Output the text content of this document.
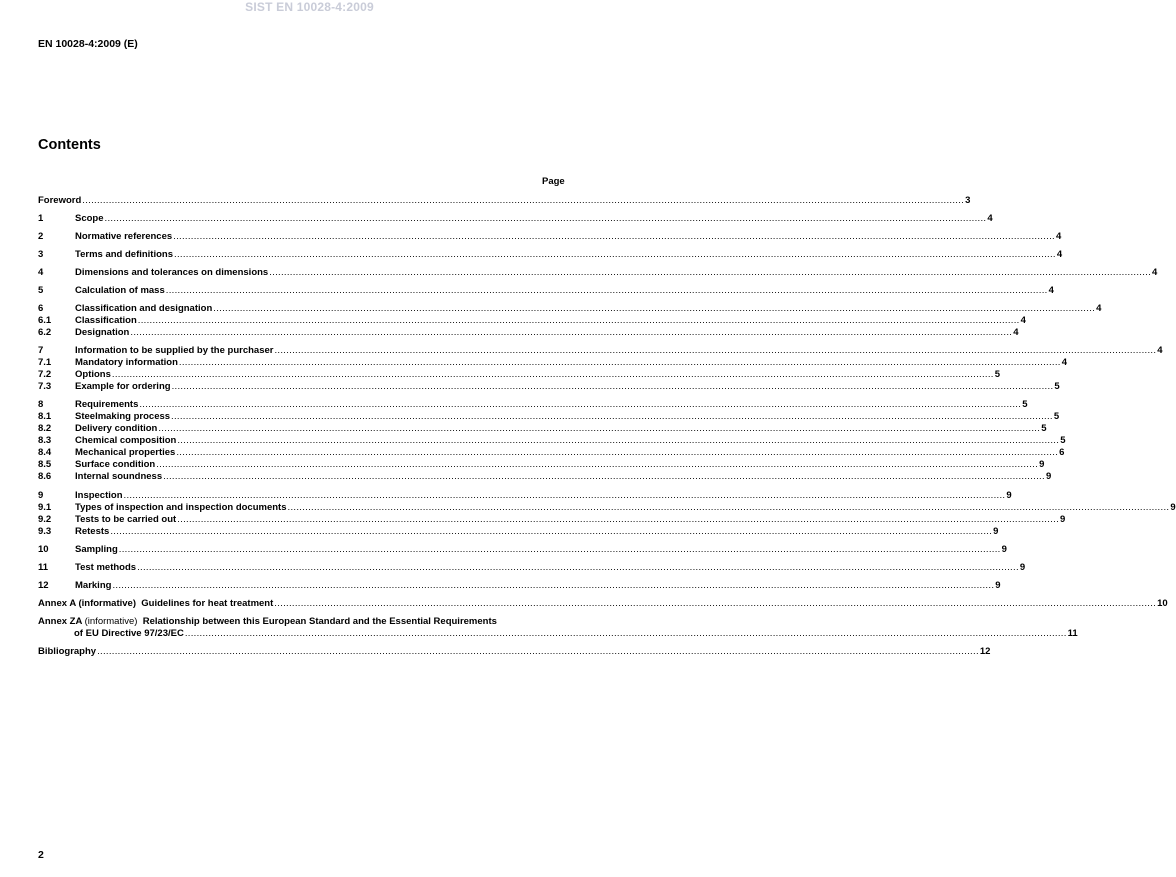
SIST EN 10028-4:2009
EN 10028-4:2009 (E)
Contents
Page
Foreword ............................................................................................................................................................................................................................................................................................................ 3
1	Scope ............................................................................................................................................................................................................................................................................................................ 4
2	Normative references ............................................................................................................................................................................................................................................................................................................ 4
3	Terms and definitions ............................................................................................................................................................................................................................................................................................................ 4
4	Dimensions and tolerances on dimensions ............................................................................................................................................................................................................................................................................................................ 4
5	Calculation of mass ............................................................................................................................................................................................................................................................................................................ 4
6	Classification and designation ............................................................................................................................................................................................................................................................................................................ 4
6.1	Classification ............................................................................................................................................................................................................................................................................................................ 4
6.2	Designation ............................................................................................................................................................................................................................................................................................................ 4
7	Information to be supplied by the purchaser ............................................................................................................................................................................................................................................................................................................ 4
7.1	Mandatory information ............................................................................................................................................................................................................................................................................................................ 4
7.2	Options ............................................................................................................................................................................................................................................................................................................ 5
7.3	Example for ordering ............................................................................................................................................................................................................................................................................................................ 5
8	Requirements ............................................................................................................................................................................................................................................................................................................ 5
8.1	Steelmaking process ............................................................................................................................................................................................................................................................................................................ 5
8.2	Delivery condition ............................................................................................................................................................................................................................................................................................................ 5
8.3	Chemical composition ............................................................................................................................................................................................................................................................................................................ 5
8.4	Mechanical properties ............................................................................................................................................................................................................................................................................................................ 6
8.5	Surface condition ............................................................................................................................................................................................................................................................................................................ 9
8.6	Internal soundness ............................................................................................................................................................................................................................................................................................................ 9
9	Inspection ............................................................................................................................................................................................................................................................................................................ 9
9.1	Types of inspection and inspection documents ............................................................................................................................................................................................................................................................................................................ 9
9.2	Tests to be carried out ............................................................................................................................................................................................................................................................................................................ 9
9.3	Retests ............................................................................................................................................................................................................................................................................................................ 9
10	Sampling ............................................................................................................................................................................................................................................................................................................ 9
11	Test methods ............................................................................................................................................................................................................................................................................................................ 9
12	Marking ............................................................................................................................................................................................................................................................................................................ 9
Annex A (informative) Guidelines for heat treatment ............................................................................................................................................................................................................................................................................................................ 10
Annex ZA (informative) Relationship between this European Standard and the Essential Requirements
of EU Directive 97/23/EC ............................................................................................................................................................................................................................................................................................................ 11
Bibliography ............................................................................................................................................................................................................................................................................................................ 12
2
